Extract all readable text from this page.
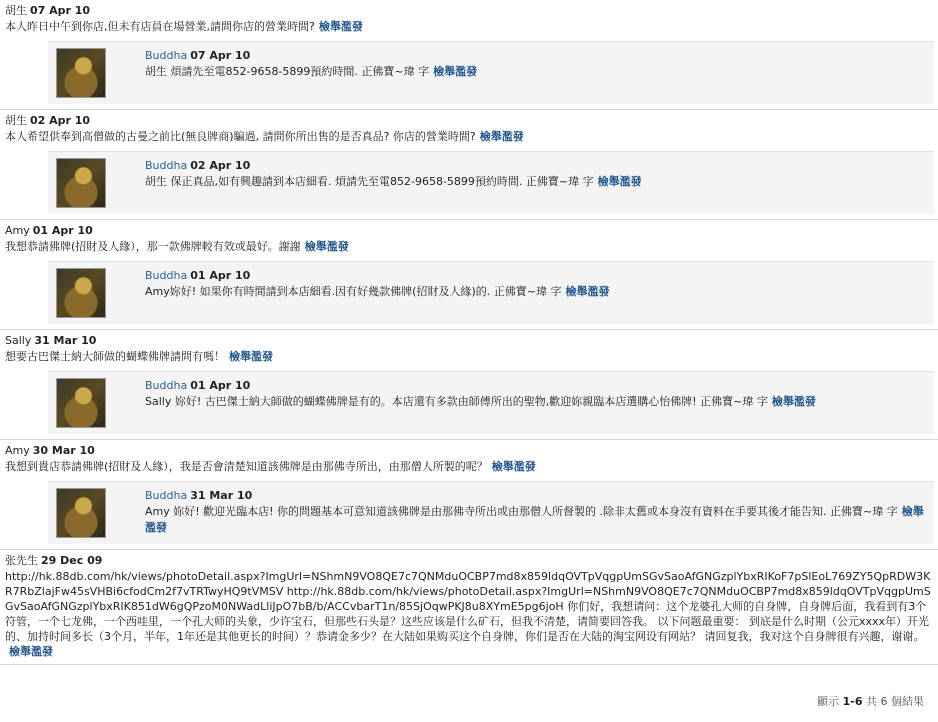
胡生 07 Apr 10
本人昨日中午到你店,但未有店員在場營業,請問你店的營業時間? 檢舉濫發
Buddha 07 Apr 10
胡生 煩請先至電852-9658-5899預約時間. 正佛寶~瑋 字 檢舉濫發
胡生 02 Apr 10
本人希望供奉到高僧做的古曼之前比(無良牌商)騙過, 請問你所出售的是否真品? 你店的營業時間? 檢舉濫發
Buddha 02 Apr 10
胡生 保正真品,如有興趣請到本店細看. 煩請先至電852-9658-5899預約時間. 正佛寶~瑋 字 檢舉濫發
Amy 01 Apr 10
我想恭請佛牌(招財及人緣），那一款佛牌較有效或最好。謝謝 檢舉濫發
Buddha 01 Apr 10
Amy妳好! 如果你有時間請到本店細看.因有好幾款佛牌(招財及人緣)的. 正佛寶~瑋 字 檢舉濫發
Sally 31 Mar 10
想要古巴傑士納大師做的蝴蝶佛牌請問有嗎！ 檢舉濫發
Buddha 01 Apr 10
Sally 妳好! 古巴傑士納大師做的蝴蝶佛牌是有的。本店還有多款由師傅所出的聖物,歡迎妳親臨本店選購心怡佛牌! 正佛寶~瑋 字 檢舉濫發
Amy 30 Mar 10
我想到貴店恭請佛牌(招財及人緣），我是否會清楚知道該佛牌是由那佛寺所出，由那僧人所製的呢？ 檢舉濫發
Buddha 31 Mar 10
Amy 妳好! 歡迎光臨本店! 你的問題基本可意知道該佛牌是由那佛寺所出或由那僧人所督製的 .除非太舊或本身沒有資料在手要其後才能告知. 正佛寶~瑋 字 檢舉濫發
张先生 29 Dec 09
http://hk.88db.com/hk/views/photoDetail.aspx?ImgUrl=NShmN9VO8QE7c7QNMduOCBP7md8x859ldqOVTpVqgpUmSGvSaoAfGNGzplYbxRIKoF7pSlEoL769ZY5QpRDW3KR7RbZlajFw45sVHBi6cfodCm2f7vTRTwyHQ9tVMSV http://hk.88db.com/hk/views/photoDetail.aspx?ImgUrl=NShmN9VO8QE7c7QNMduOCBP7md8x859ldqOVTpVqgpUmSGvSaoAfGNGzplYbxRIK851dW6gQPzoM0NWadLliJpO7bB/b/ACCvbarT1n/85SjOqwPKJ8u8XYmE5pg6joH 你们好，我想请问：这个龙婆孔大师的自身牌，自身牌后面，我看到有3个符管，一个七龙佛，一个西哇里，一个孔大师的头象，少许宝石，但那些石头是？这些应该是什么矿石，但我不清楚，请简要回答我。 以下问题最重要： 到底是什么时期（公元xxxx年）开光的、加持时间多长（3个月，半年，1年还是其他更长的时间）？恭请金多少？在大陆如果购买这个自身牌，你们是否在大陆的淘宝网设有网站？ 请回复我，我对这个自身牌很有兴趣，谢谢。檢舉濫發
顯示 1-6 共 6 個結果
